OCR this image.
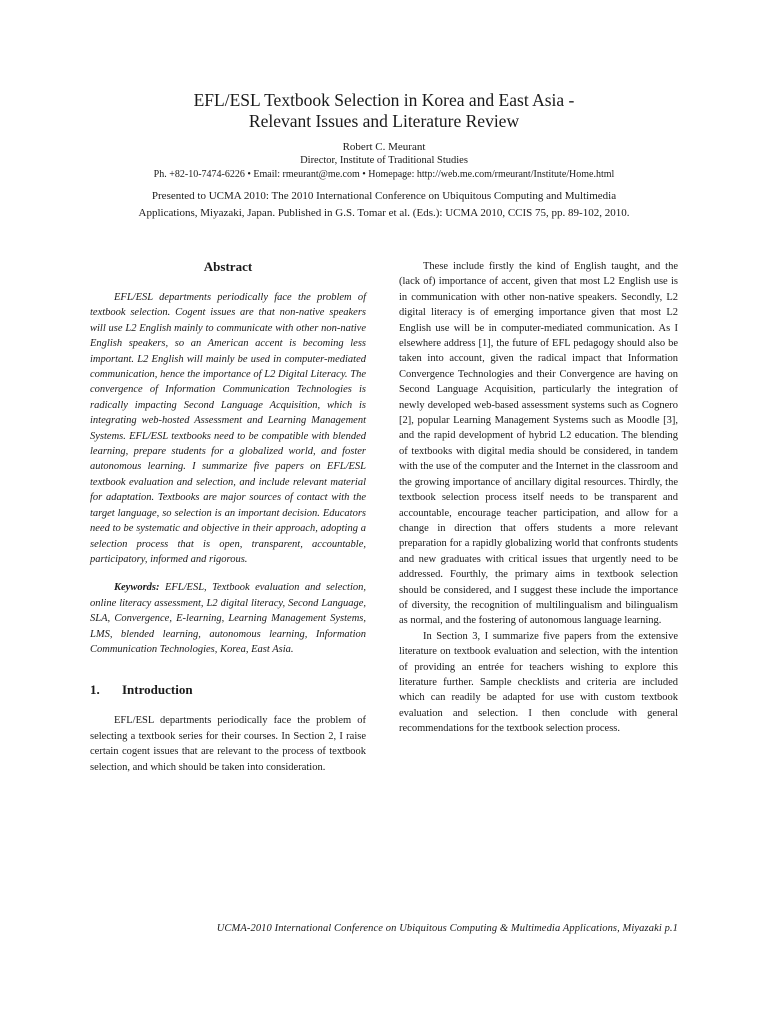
EFL/ESL Textbook Selection in Korea and East Asia -
Relevant Issues and Literature Review
Robert C. Meurant
Director, Institute of Traditional Studies
Ph. +82-10-7474-6226 • Email: rmeurant@me.com • Homepage: http://web.me.com/rmeurant/Institute/Home.html
Presented to UCMA 2010: The 2010 International Conference on Ubiquitous Computing and Multimedia
Applications, Miyazaki, Japan. Published in G.S. Tomar et al. (Eds.): UCMA 2010, CCIS 75, pp. 89-102, 2010.
Abstract

EFL/ESL departments periodically face the problem of textbook selection. Cogent issues are that non-native speakers will use L2 English mainly to communicate with other non-native English speakers, so an American accent is becoming less important. L2 English will mainly be used in computer-mediated communication, hence the importance of L2 Digital Literacy. The convergence of Information Communication Technologies is radically impacting Second Language Acquisition, which is integrating web-hosted Assessment and Learning Management Systems. EFL/ESL textbooks need to be compatible with blended learning, prepare students for a globalized world, and foster autonomous learning. I summarize five papers on EFL/ESL textbook evaluation and selection, and include relevant material for adaptation. Textbooks are major sources of contact with the target language, so selection is an important decision. Educators need to be systematic and objective in their approach, adopting a selection process that is open, transparent, accountable, participatory, informed and rigorous.

Keywords: EFL/ESL, Textbook evaluation and selection, online literacy assessment, L2 digital literacy, Second Language, SLA, Convergence, E-learning, Learning Management Systems, LMS, blended learning, autonomous learning, Information Communication Technologies, Korea, East Asia.

1. Introduction

EFL/ESL departments periodically face the problem of selecting a textbook series for their courses. In Section 2, I raise certain cogent issues that are relevant to the process of textbook selection, and which should be taken into consideration.

These include firstly the kind of English taught, and the (lack of) importance of accent, given that most L2 English use is in communication with other non-native speakers. Secondly, L2 digital literacy is of emerging importance given that most L2 English use will be in computer-mediated communication. As I elsewhere address [1], the future of EFL pedagogy should also be taken into account, given the radical impact that Information Convergence Technologies and their Convergence are having on Second Language Acquisition, particularly the integration of newly developed web-based assessment systems such as Cognero [2], popular Learning Management Systems such as Moodle [3], and the rapid development of hybrid L2 education. The blending of textbooks with digital media should be considered, in tandem with the use of the computer and the Internet in the classroom and the growing importance of ancillary digital resources. Thirdly, the textbook selection process itself needs to be transparent and accountable, encourage teacher participation, and allow for a change in direction that offers students a more relevant preparation for a rapidly globalizing world that confronts students and new graduates with critical issues that urgently need to be addressed. Fourthly, the primary aims in textbook selection should be considered, and I suggest these include the importance of diversity, the recognition of multilingualism and bilingualism as normal, and the fostering of autonomous language learning.

In Section 3, I summarize five papers from the extensive literature on textbook evaluation and selection, with the intention of providing an entrée for teachers wishing to explore this literature further. Sample checklists and criteria are included which can readily be adapted for use with custom textbook evaluation and selection. I then conclude with general recommendations for the textbook selection process.

UCMA-2010 International Conference on Ubiquitous Computing & Multimedia Applications, Miyazaki p.1
